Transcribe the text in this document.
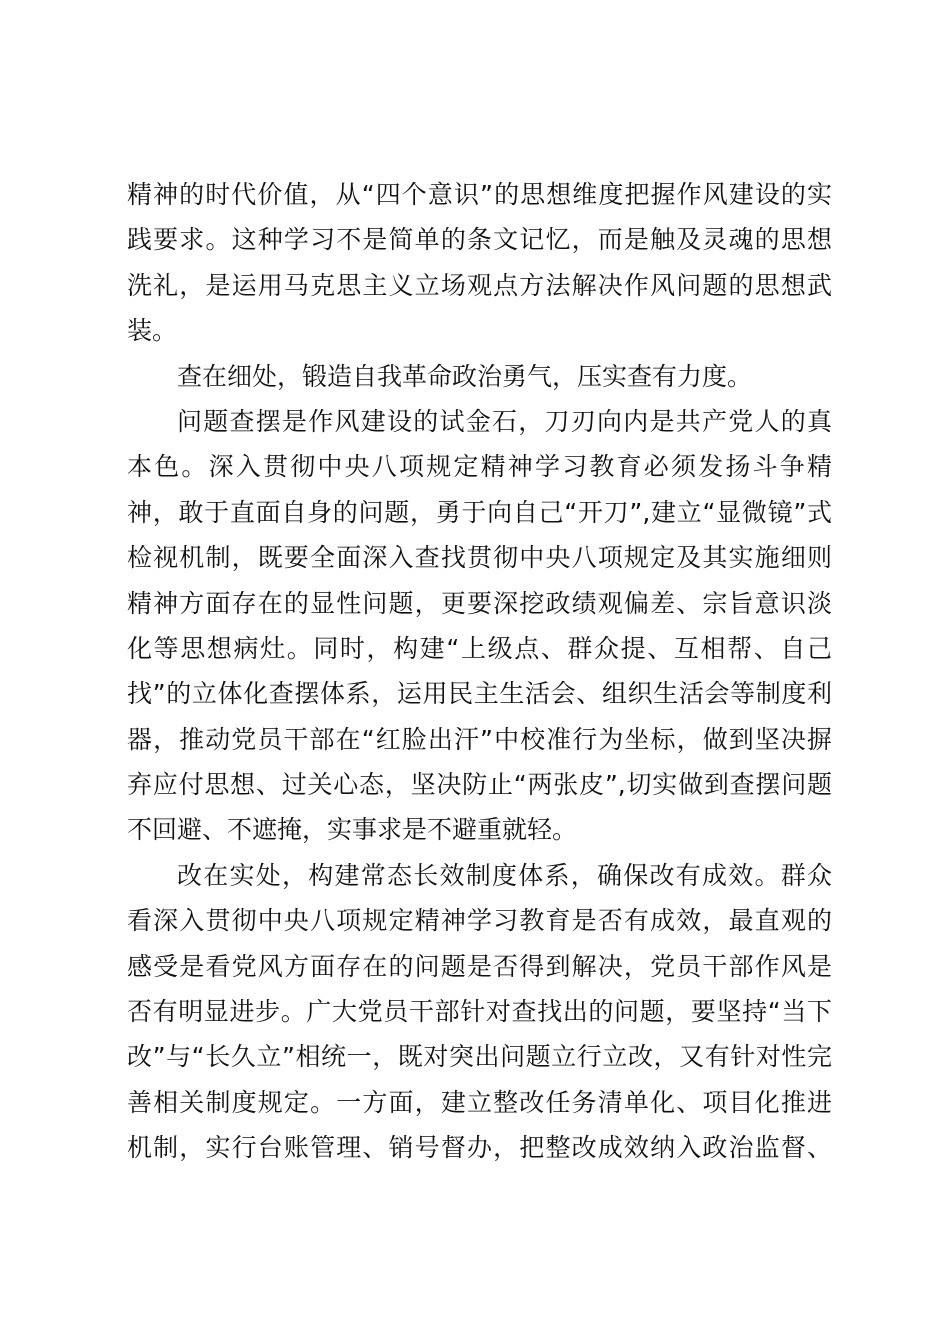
精神的时代价值，从“四个意识”的思想维度把握作风建设的实
践要求。这种学习不是简单的条文记忆，而是触及灵魂的思想
洗礼，是运用马克思主义立场观点方法解决作风问题的思想武
装。
查在细处，锻造自我革命政治勇气，压实查有力度。
问题查摆是作风建设的试金石，刀刃向内是共产党人的真
本色。深入贯彻中央八项规定精神学习教育必须发扬斗争精
神，敢于直面自身的问题，勇于向自己“开刀”,建立“显微镜”式
检视机制，既要全面深入查找贯彻中央八项规定及其实施细则
精神方面存在的显性问题，更要深挖政绩观偏差、宗旨意识淡
化等思想病灶。同时，构建“上级点、群众提、互相帮、自己
找”的立体化查摆体系，运用民主生活会、组织生活会等制度利
器，推动党员干部在“红脸出汗”中校准行为坐标，做到坚决摒
弃应付思想、过关心态，坚决防止“两张皮”,切实做到查摆问题
不回避、不遮掩，实事求是不避重就轻。
改在实处，构建常态长效制度体系，确保改有成效。群众
看深入贯彻中央八项规定精神学习教育是否有成效，最直观的
感受是看党风方面存在的问题是否得到解决，党员干部作风是
否有明显进步。广大党员干部针对查找出的问题，要坚持“当下
改”与“长久立”相统一，既对突出问题立行立改，又有针对性完
善相关制度规定。一方面，建立整改任务清单化、项目化推进
机制，实行台账管理、销号督办，把整改成效纳入政治监督、
